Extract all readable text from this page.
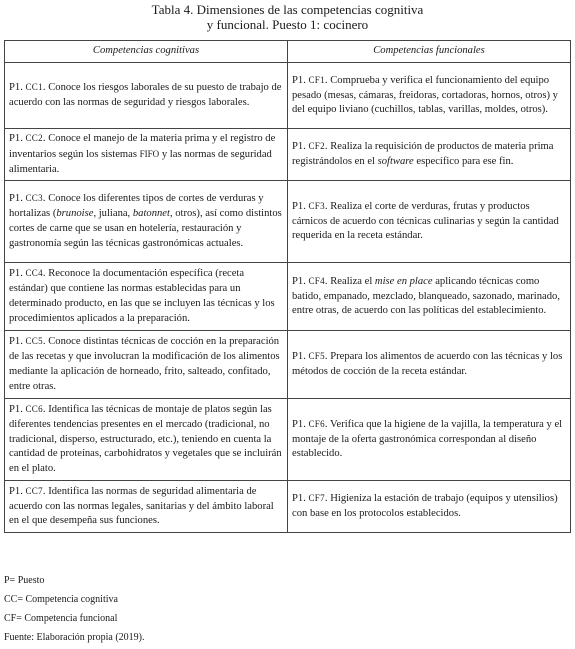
Tabla 4. Dimensiones de las competencias cognitiva
y funcional. Puesto 1: cocinero
Competencias cognitivas	Competencias funcionales
P1. CC1. Conoce los riesgos laborales de su puesto de trabajo de acuerdo con las normas de seguridad y riesgos laborales.	P1. CF1. Comprueba y verifica el funcionamiento del equipo pesado (mesas, cámaras, freidoras, cortadoras, hornos, otros) y del equipo liviano (cuchillos, tablas, varillas, moldes, otros).
P1. CC2. Conoce el manejo de la materia prima y el registro de inventarios según los sistemas FIFO y las normas de seguridad alimentaria.	P1. CF2. Realiza la requisición de productos de materia prima registrándolos en el software específico para ese fin.
P1. CC3. Conoce los diferentes tipos de cortes de verduras y hortalizas (brunoise, juliana, batonnet, otros), así como distintos cortes de carne que se usan en hotelería, restauración y gastronomía según las técnicas gastronómicas actuales.	P1. CF3. Realiza el corte de verduras, frutas y productos cárnicos de acuerdo con técnicas culinarias y según la cantidad requerida en la receta estándar.
P1. CC4. Reconoce la documentación específica (receta estándar) que contiene las normas establecidas para un determinado producto, en las que se incluyen las técnicas y los procedimientos aplicados a la preparación.	P1. CF4. Realiza el mise en place aplicando técnicas como batido, empanado, mezclado, blanqueado, sazonado, marinado, entre otras, de acuerdo con las políticas del establecimiento.
P1. CC5. Conoce distintas técnicas de cocción en la preparación de las recetas y que involucran la modificación de los alimentos mediante la aplicación de horneado, frito, salteado, confitado, entre otras.	P1. CF5. Prepara los alimentos de acuerdo con las técnicas y los métodos de cocción de la receta estándar.
P1. CC6. Identifica las técnicas de montaje de platos según las diferentes tendencias presentes en el mercado (tradicional, no tradicional, disperso, estructurado, etc.), teniendo en cuenta la cantidad de proteínas, carbohidratos y vegetales que se incluirán en el plato.	P1. CF6. Verifica que la higiene de la vajilla, la temperatura y el montaje de la oferta gastronómica correspondan al diseño establecido.
P1. CC7. Identifica las normas de seguridad alimentaria de acuerdo con las normas legales, sanitarias y del ámbito laboral en el que desempeña sus funciones.	P1. CF7. Higieniza la estación de trabajo (equipos y utensilios) con base en los protocolos establecidos.
P= Puesto
CC= Competencia cognitiva
CF= Competencia funcional
Fuente: Elaboración propia (2019).
